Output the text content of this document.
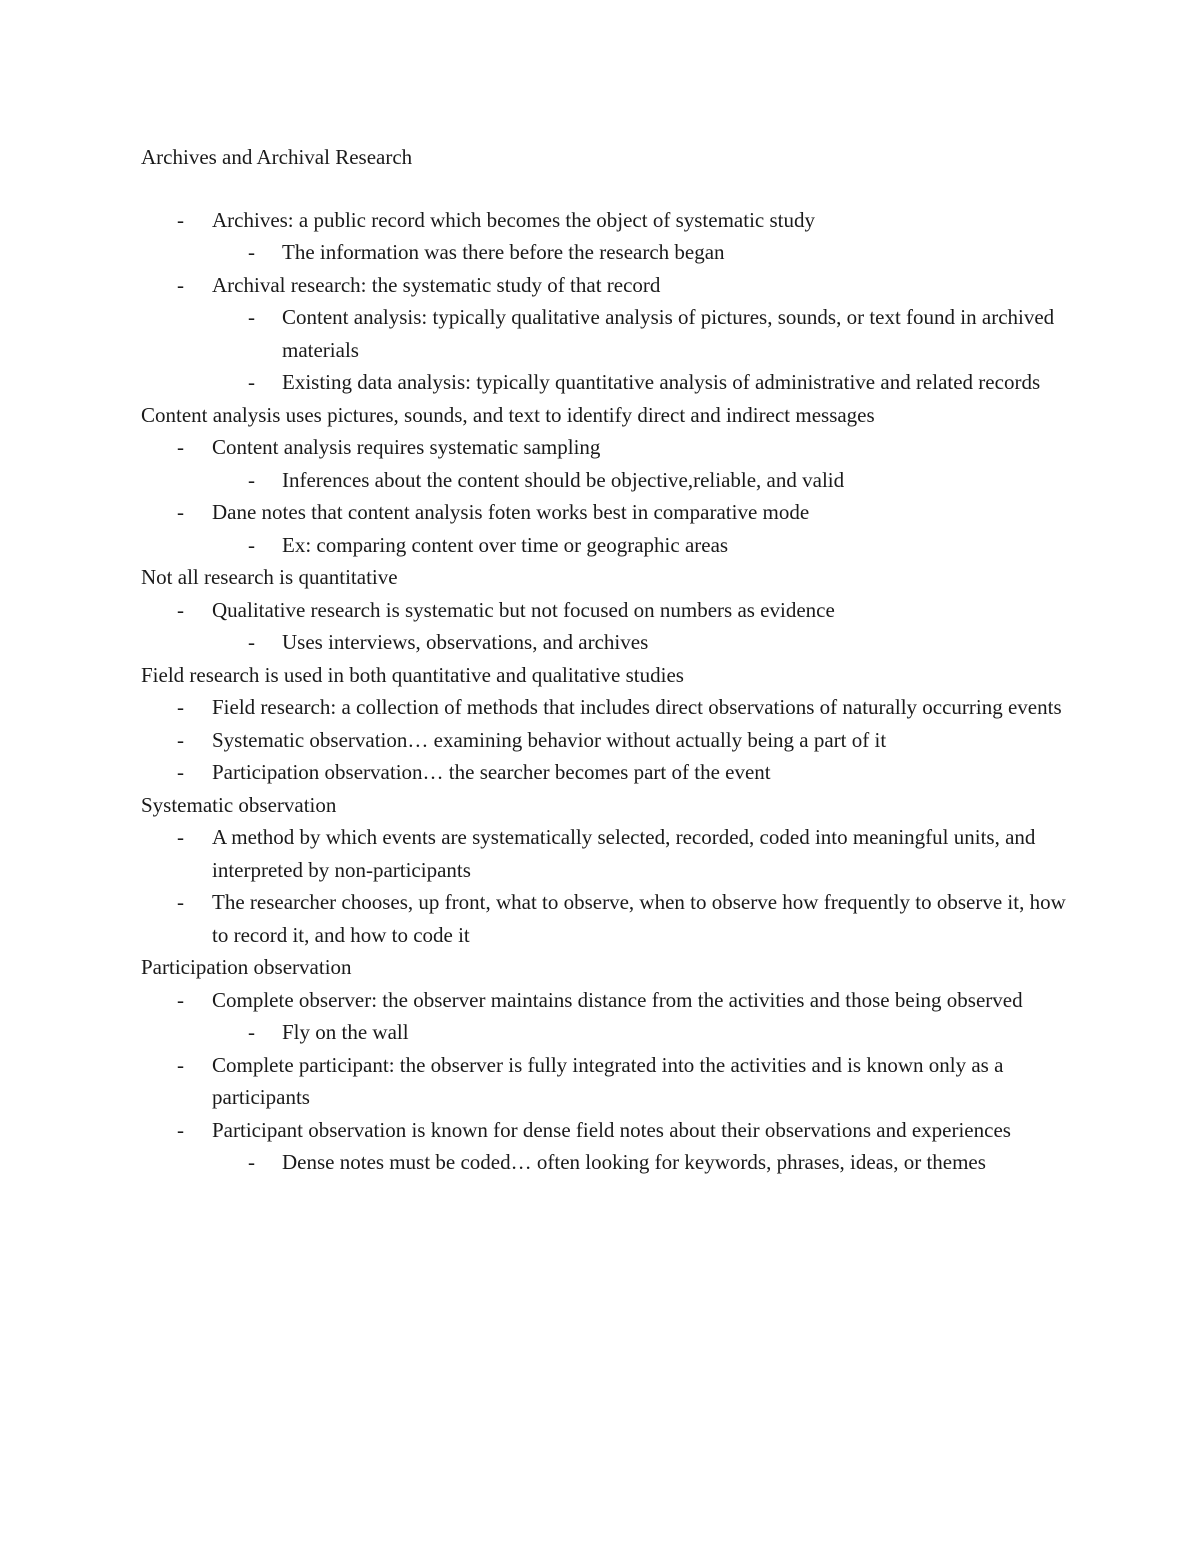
Archives and Archival Research

-	Archives: a public record which becomes the object of systematic study
-	The information was there before the research began
-	Archival research: the systematic study of that record
-	Content analysis: typically qualitative analysis of pictures, sounds, or text found in archived materials
-	Existing data analysis: typically quantitative analysis of administrative and related records

Content analysis uses pictures, sounds, and text to identify direct and indirect messages

-	Content analysis requires systematic sampling
-	Inferences about the content should be objective,reliable, and valid
-	Dane notes that content analysis foten works best in comparative mode
-	Ex: comparing content over time or geographic areas

Not all research is quantitative

-	Qualitative research is systematic but not focused on numbers as evidence
-	Uses interviews, observations, and archives

Field research is used in both quantitative and qualitative studies

-	Field research: a collection of methods that includes direct observations of naturally occurring events
-	Systematic observation… examining behavior without actually being a part of it
-	Participation observation… the searcher becomes part of the event

Systematic observation

-	A method by which events are systematically selected, recorded, coded into meaningful units, and interpreted by non-participants
-	The researcher chooses, up front, what to observe, when to observe how frequently to observe it, how to record it, and how to code it

Participation observation

-	Complete observer: the observer maintains distance from the activities and those being observed
-	Fly on the wall
-	Complete participant: the observer is fully integrated into the activities and is known only as a participants
-	Participant observation is known for dense field notes about their observations and experiences
-	Dense notes must be coded… often looking for keywords, phrases, ideas, or themes
